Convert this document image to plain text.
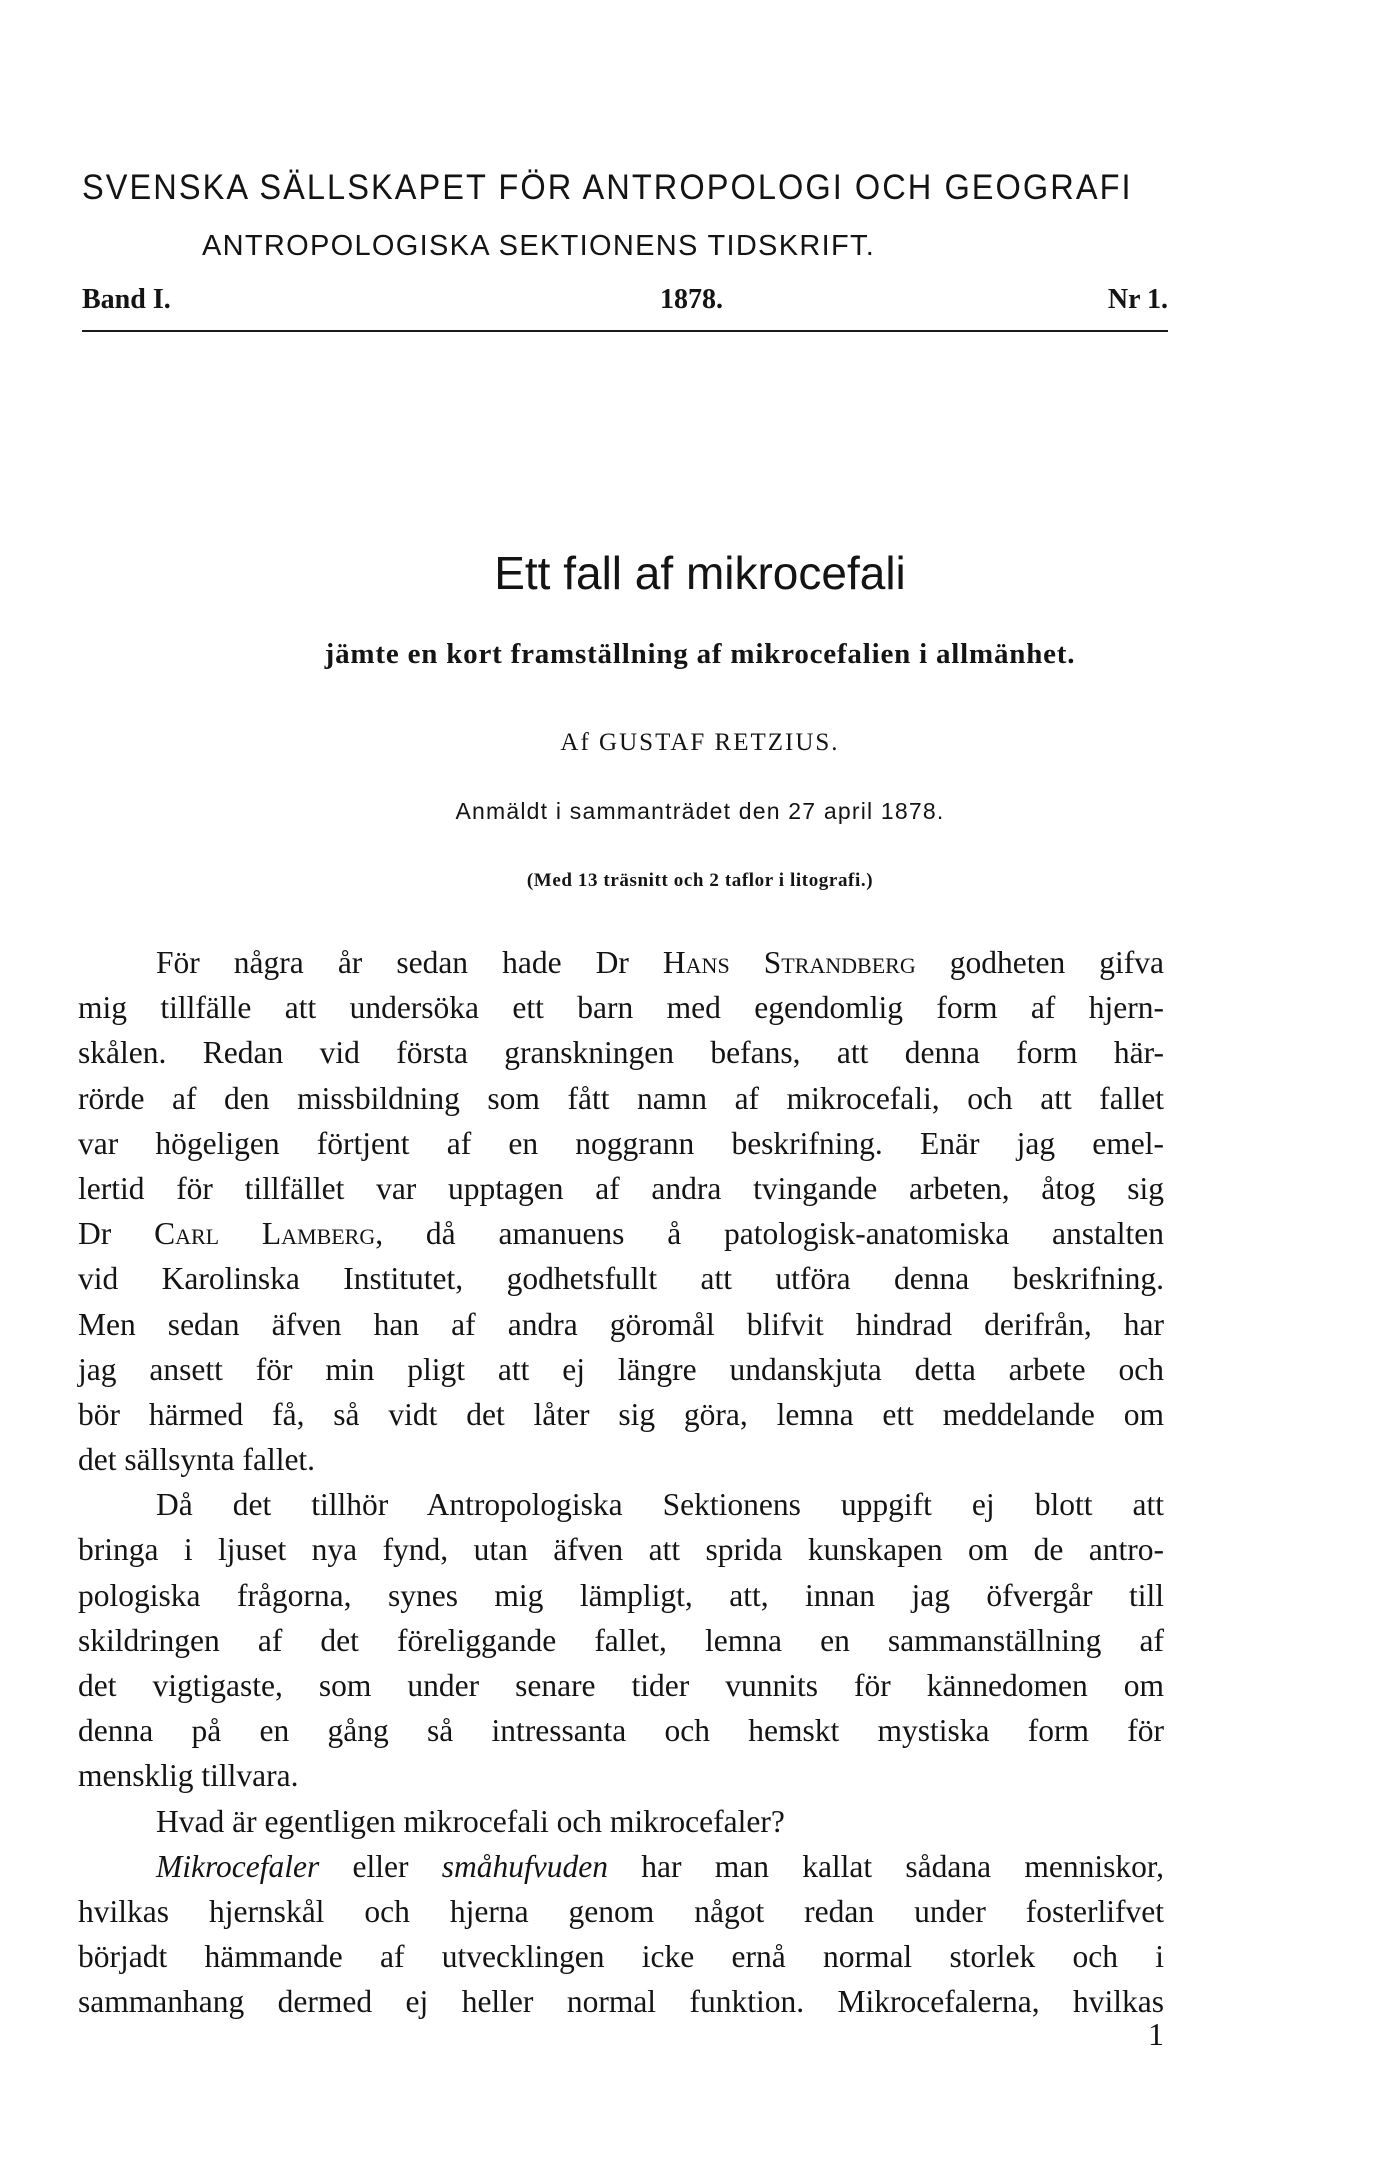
SVENSKA SÄLLSKAPET FÖR ANTROPOLOGI OCH GEOGRAFI
ANTROPOLOGISKA SEKTIONENS TIDSKRIFT.
Band I.	1878.	Nr 1.
Ett fall af mikrocefali
jämte en kort framställning af mikrocefalien i allmänhet.
Af GUSTAF RETZIUS.
Anmäldt i sammanträdet den 27 april 1878.
(Med 13 träsnitt och 2 taflor i litografi.)
För några år sedan hade Dr Hans Strandberg godheten gifva
mig tillfälle att undersöka ett barn med egendomlig form af hjern-
skålen. Redan vid första granskningen befans, att denna form här-
rörde af den missbildning som fått namn af mikrocefali, och att fallet
var högeligen förtjent af en noggrann beskrifning. Enär jag emel-
lertid för tillfället var upptagen af andra tvingande arbeten, åtog sig
Dr Carl Lamberg, då amanuens å patologisk-anatomiska anstalten
vid Karolinska Institutet, godhetsfullt att utföra denna beskrifning.
Men sedan äfven han af andra göromål blifvit hindrad derifrån, har
jag ansett för min pligt att ej längre undanskjuta detta arbete och
bör härmed få, så vidt det låter sig göra, lemna ett meddelande om
det sällsynta fallet.
Då det tillhör Antropologiska Sektionens uppgift ej blott att
bringa i ljuset nya fynd, utan äfven att sprida kunskapen om de antro-
pologiska frågorna, synes mig lämpligt, att, innan jag öfvergår till
skildringen af det föreliggande fallet, lemna en sammanställning af
det vigtigaste, som under senare tider vunnits för kännedomen om
denna på en gång så intressanta och hemskt mystiska form för
mensklig tillvara.
Hvad är egentligen mikrocefali och mikrocefaler?
Mikrocefaler eller småhufvuden har man kallat sådana menniskor,
hvilkas hjernskål och hjerna genom något redan under fosterlifvet
börjadt hämmande af utvecklingen icke ernå normal storlek och i
sammanhang dermed ej heller normal funktion. Mikrocefalerna, hvilkas
1
